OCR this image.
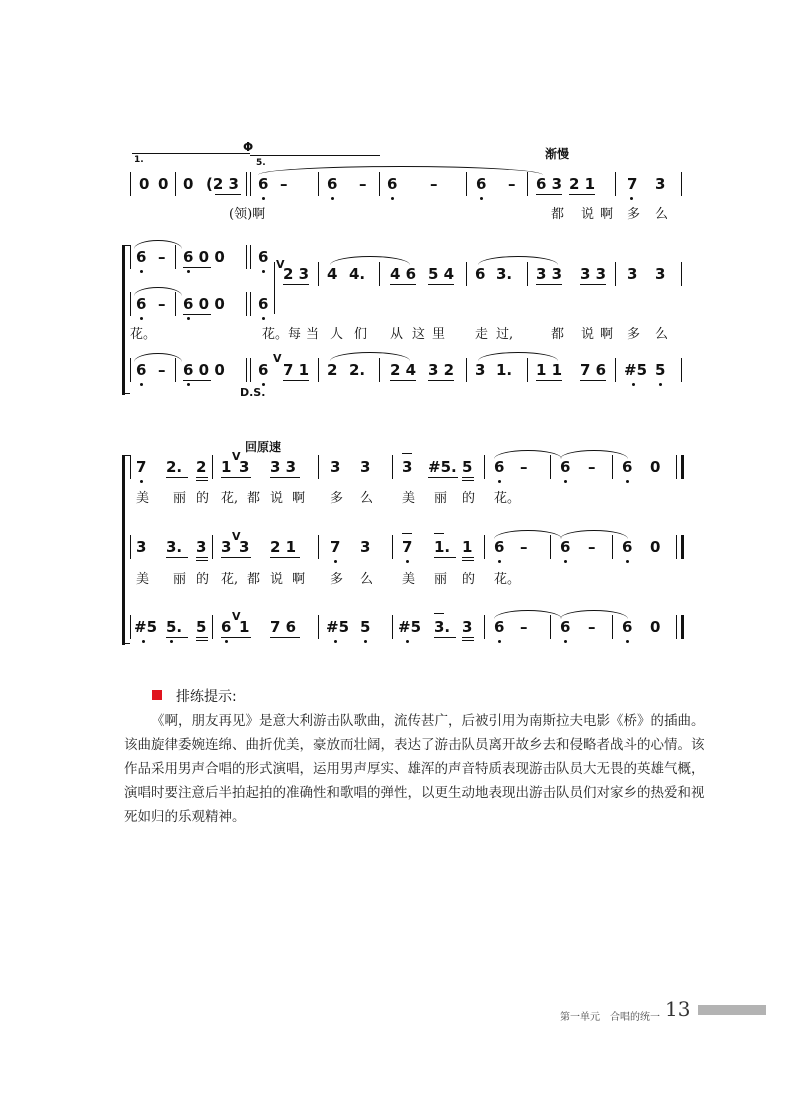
1.
Φ
5.
渐慢
0 0 0 (2 3 6 –	6 – 6 –	6 – 6 3 2 1 7 3
(领)啊	都 说 啊 多 么
6 – 6 0 0 6 V
2 3 4 4. 4 6 5 4 6 3. 3 3 3 3 3 3
6 – 6 0 0 6
花。	花。每 当 人 们 从 这 里 走 过,	都 说 啊 多 么
6 – 6 0 0 6
V
7 1 2 2. 2 4 3 2 3 1. 1 1 7 6 #5 5
D.S.
回原速
7 2. 2 1
V
3 3 3 3 3 3 #5. 5 6 – 6 – 6 0
美 丽 的 花, 都 说 啊 多 么 美 丽 的 花。
3 3. 3 3
V
3 2 1 7 3 7 1. 1 6 – 6 – 6 0
美 丽 的 花, 都 说 啊 多 么 美 丽 的 花。
#5 5. 5 6
V
1 7 6 #5 5 #5 3. 3 6 – 6 – 6 0
排练提示:
《啊，朋友再见》是意大利游击队歌曲，流传甚广，后被引用为南斯拉夫电影《桥》的插曲。该曲旋律委婉连绵、曲折优美，豪放而壮阔，表达了游击队员离开故乡去和侵略者战斗的心情。该作品采用男声合唱的形式演唱，运用男声厚实、雄浑的声音特质表现游击队员大无畏的英雄气概，演唱时要注意后半拍起拍的准确性和歌唱的弹性，以更生动地表现出游击队员们对家乡的热爱和视死如归的乐观精神。
第一单元　合唱的统一 13
